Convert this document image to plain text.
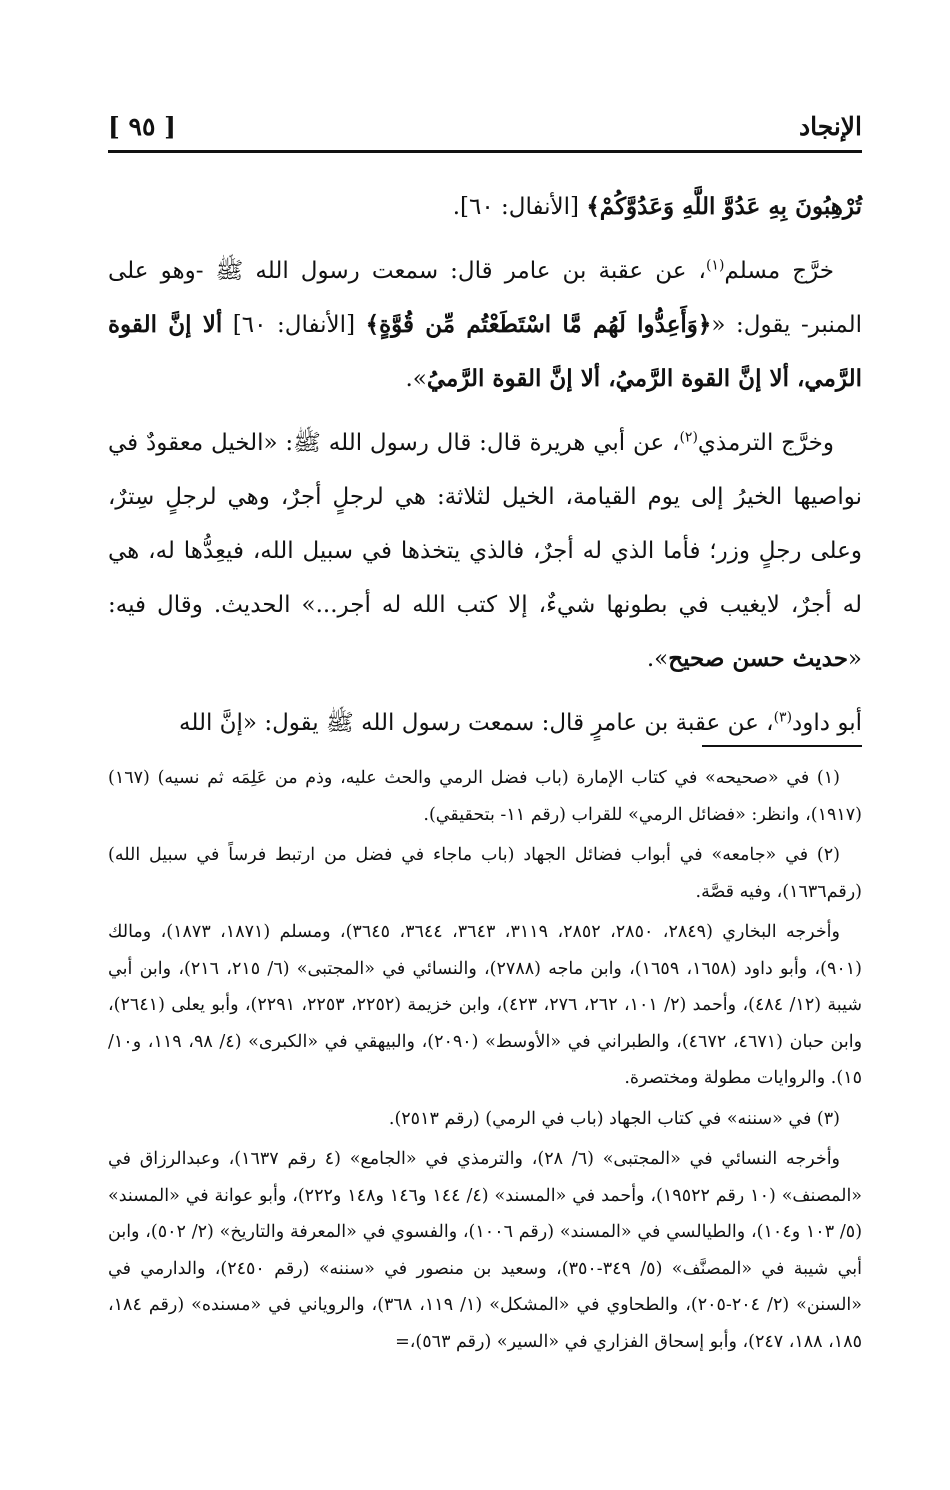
الإنجاد
[ ٩٥ ]

تُرْهِبُونَ بِهِ عَدُوَّ اللَّهِ وَعَدُوَّكُمْ﴾ [الأنفال: ٦٠].

خرَّج مسلم$^{(١)}$، عن عقبة بن عامر قال: سمعت رسول الله ﷺ -وهو على المنبر- يقول: «﴿وَأَعِدُّوا لَهُم مَّا اسْتَطَعْتُم مِّن قُوَّةٍ﴾ [الأنفال: ٦٠] ألا إنَّ القوة الرَّمي، ألا إنَّ القوة الرَّميُ، ألا إنَّ القوة الرَّميُ».

وخرَّج الترمذي$^{(٢)}$، عن أبي هريرة قال: قال رسول الله ﷺ: «الخيل معقودٌ في نواصيها الخيرُ إلى يوم القيامة، الخيل لثلاثة: هي لرجلٍ أجرٌ، وهي لرجلٍ سِترٌ، وعلى رجلٍ وزر؛ فأما الذي له أجرٌ، فالذي يتخذها في سبيل الله، فيعِدُّها له، هي له أجرٌ، لايغيب في بطونها شيءٌ، إلا كتب الله له أجر...» الحديث. وقال فيه: «حديث حسن صحيح».

أبو داود$^{(٣)}$، عن عقبة بن عامرٍ قال: سمعت رسول الله ﷺ يقول: «إنَّ الله

(١) في «صحيحه» في كتاب الإمارة (باب فضل الرمي والحث عليه، وذم من عَلِمَه ثم نسيه) (١٦٧) (١٩١٧)، وانظر: «فضائل الرمي» للقراب (رقم ١١- بتحقيقي).

(٢) في «جامعه» في أبواب فضائل الجهاد (باب ماجاء في فضل من ارتبط فرساً في سبيل الله) (رقم١٦٣٦)، وفيه قصَّة.

وأخرجه البخاري (٢٨٤٩، ٢٨٥٠، ٢٨٥٢، ٣١١٩، ٣٦٤٣، ٣٦٤٤، ٣٦٤٥)، ومسلم (١٨٧١، ١٨٧٣)، ومالك (٩٠١)، وأبو داود (١٦٥٨، ١٦٥٩)، وابن ماجه (٢٧٨٨)، والنسائي في «المجتبى» (٦/ ٢١٥، ٢١٦)، وابن أبي شيبة (١٢/ ٤٨٤)، وأحمد (٢/ ١٠١، ٢٦٢، ٢٧٦، ٤٢٣)، وابن خزيمة (٢٢٥٢، ٢٢٥٣، ٢٢٩١)، وأبو يعلى (٢٦٤١)، وابن حبان (٤٦٧١، ٤٦٧٢)، والطبراني في «الأوسط» (٢٠٩٠)، والبيهقي في «الكبرى» (٤/ ٩٨، ١١٩، و١٠/ ١٥). والروايات مطولة ومختصرة.

(٣) في «سننه» في كتاب الجهاد (باب في الرمي) (رقم ٢٥١٣).

وأخرجه النسائي في «المجتبى» (٦/ ٢٨)، والترمذي في «الجامع» (٤ رقم ١٦٣٧)، وعبدالرزاق في «المصنف» (١٠ رقم ١٩٥٢٢)، وأحمد في «المسند» (٤/ ١٤٤ و١٤٦ و١٤٨ و٢٢٢)، وأبو عوانة في «المسند» (٥/ ١٠٣ و١٠٤)، والطيالسي في «المسند» (رقم ١٠٠٦)، والفسوي في «المعرفة والتاريخ» (٢/ ٥٠٢)، وابن أبي شيبة في «المصنَّف» (٥/ ٣٤٩-٣٥٠)، وسعيد بن منصور في «سننه» (رقم ٢٤٥٠)، والدارمي في «السنن» (٢/ ٢٠٤-٢٠٥)، والطحاوي في «المشكل» (١/ ١١٩، ٣٦٨)، والروياني في «مسنده» (رقم ١٨٤، ١٨٥، ١٨٨، ٢٤٧)، وأبو إسحاق الفزاري في «السير» (رقم ٥٦٣)،=
